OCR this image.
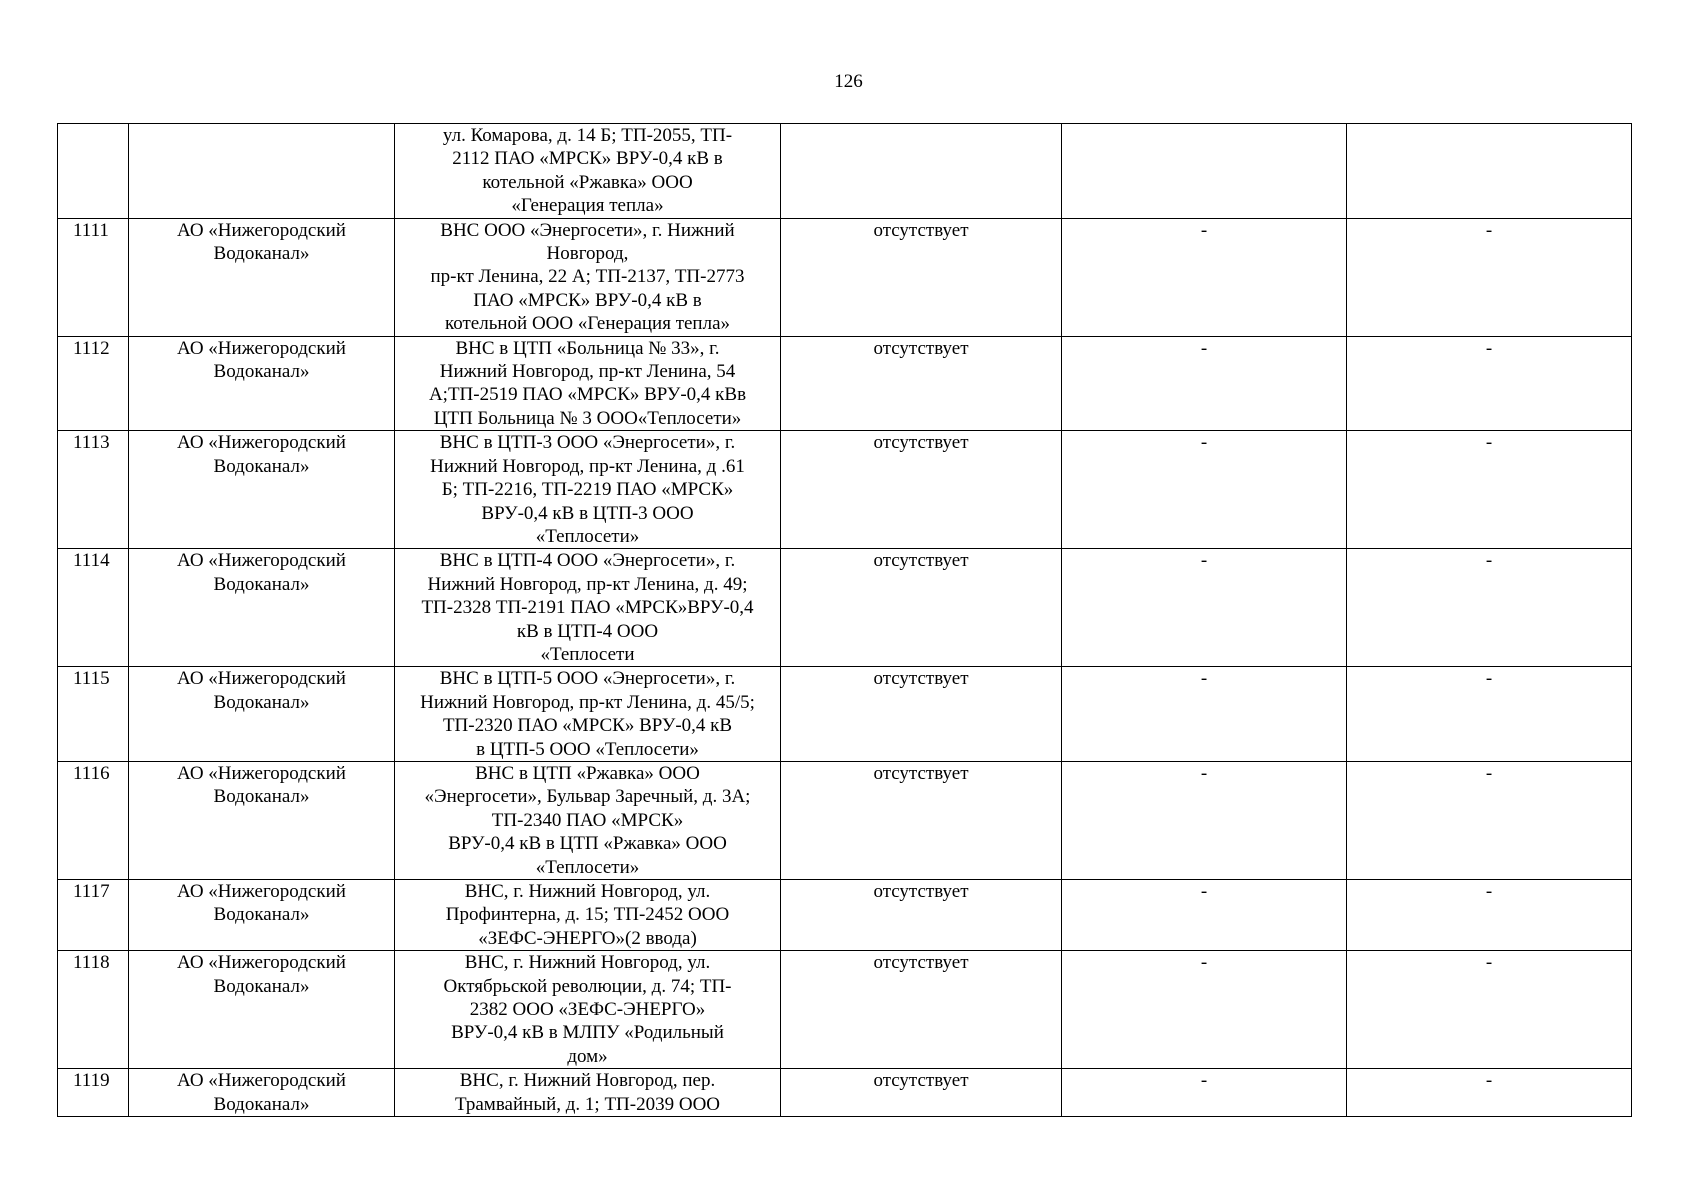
126

		ул. Комарова, д. 14 Б; ТП-2055, ТП-
2112 ПАО «МРСК» ВРУ-0,4 кВ в
котельной «Ржавка» ООО
«Генерация тепла»			

1111	АО «Нижегородский
Водоканал»	ВНС ООО «Энергосети», г. Нижний
Новгород,
пр-кт Ленина, 22 А; ТП-2137, ТП-2773
ПАО «МРСК» ВРУ-0,4 кВ в
котельной ООО «Генерация тепла»	отсутствует	-	-

1112	АО «Нижегородский
Водоканал»	ВНС в ЦТП «Больница № 33», г.
Нижний Новгород, пр-кт Ленина, 54
А;ТП-2519 ПАО «МРСК» ВРУ-0,4 кВв
ЦТП Больница № 3 ООО«Теплосети»	отсутствует	-	-

1113	АО «Нижегородский
Водоканал»	ВНС в ЦТП-3 ООО «Энергосети», г.
Нижний Новгород, пр-кт Ленина, д .61
Б; ТП-2216, ТП-2219 ПАО «МРСК»
ВРУ-0,4 кВ в ЦТП-3 ООО
«Теплосети»	отсутствует	-	-

1114	АО «Нижегородский
Водоканал»	ВНС в ЦТП-4 ООО «Энергосети», г.
Нижний Новгород, пр-кт Ленина, д. 49;
ТП-2328 ТП-2191 ПАО «МРСК»ВРУ-0,4
кВ в ЦТП-4 ООО
«Теплосети	отсутствует	-	-

1115	АО «Нижегородский
Водоканал»	ВНС в ЦТП-5 ООО «Энергосети», г.
Нижний Новгород, пр-кт Ленина, д. 45/5;
ТП-2320 ПАО «МРСК» ВРУ-0,4 кВ
в ЦТП-5 ООО «Теплосети»	отсутствует	-	-

1116	АО «Нижегородский
Водоканал»	ВНС в ЦТП «Ржавка» ООО
«Энергосети», Бульвар Заречный, д. 3А;
ТП-2340 ПАО «МРСК»
ВРУ-0,4 кВ в ЦТП «Ржавка» ООО
«Теплосети»	отсутствует	-	-

1117	АО «Нижегородский
Водоканал»	ВНС, г. Нижний Новгород, ул.
Профинтерна, д. 15; ТП-2452 ООО
«ЗЕФС-ЭНЕРГО»(2 ввода)	отсутствует	-	-

1118	АО «Нижегородский
Водоканал»	ВНС, г. Нижний Новгород, ул.
Октябрьской революции, д. 74; ТП-
2382 ООО «ЗЕФС-ЭНЕРГО»
ВРУ-0,4 кВ в МЛПУ «Родильный
дом»	отсутствует	-	-

1119	АО «Нижегородский
Водоканал»	ВНС, г. Нижний Новгород, пер.
Трамвайный, д. 1; ТП-2039 ООО	отсутствует	-	-
